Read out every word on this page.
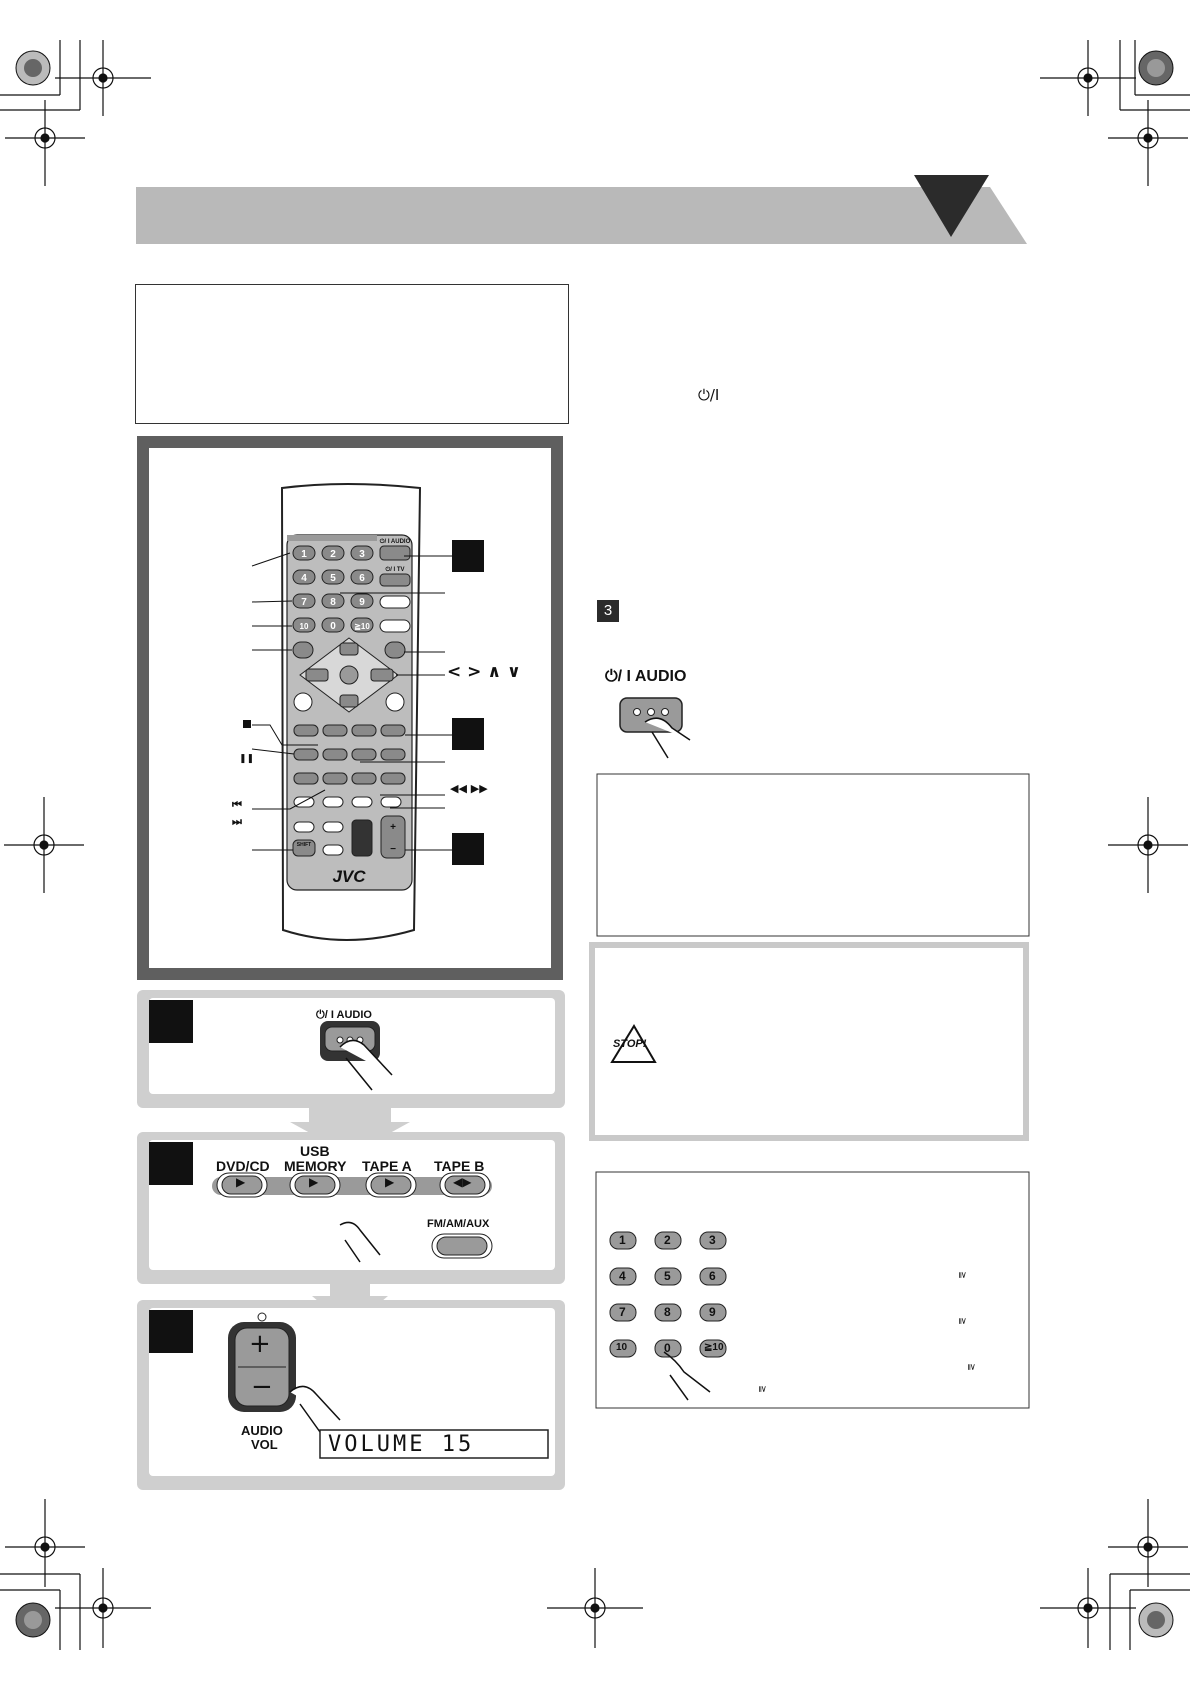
1 2 3
4 5 6
7 8 9
10 0 ≧10
⏻/ I AUDIO
⏻/ I TV
SHIFT
+
−
JVC
< > ∧ ∨
❚❚
⏮
⏭
◀◀ ▶▶
⏻/ I AUDIO
DVD/CD
USB
MEMORY TAPE A TAPE B
▶	▶	▶	◀▶
FM/AM/AUX
+
−
AUDIO
VOL VOLUME 15
⏻/I
3
⏻/ I AUDIO
STOP!
1	2	3
4	5	6
7	8	9
10	0	≧10
≧
≧
≧
≧
